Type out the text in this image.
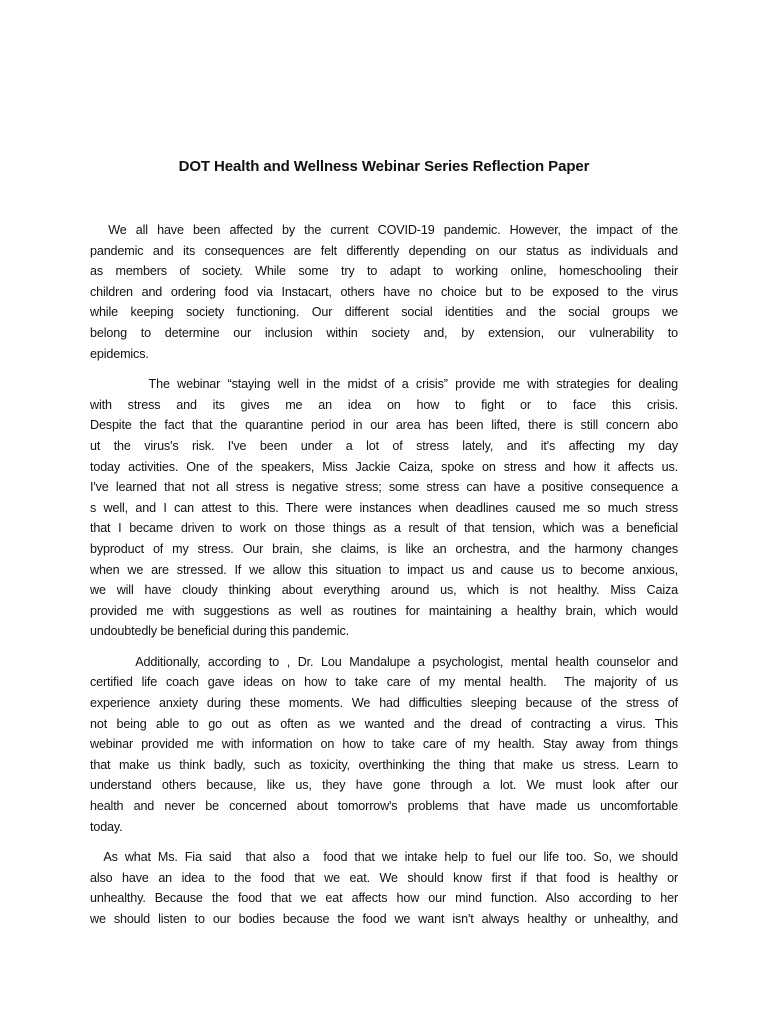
DOT Health and Wellness Webinar Series Reflection Paper
We all have been affected by the current COVID-19 pandemic. However, the impact of the
pandemic and its consequences are felt differently depending on our status as individuals and
as members of society. While some try to adapt to working online, homeschooling their
children and ordering food via Instacart, others have no choice but to be exposed to the virus
while keeping society functioning. Our different social identities and the social groups we
belong to determine our inclusion within society and, by extension, our vulnerability to
epidemics.
The webinar “staying well in the midst of a crisis” provide me with strategies for dealing
with stress and its gives me an idea on how to fight or to face this crisis.
Despite the fact that the quarantine period in our area has been lifted, there is still concern abo
ut the virus's risk. I've been under a lot of stress lately, and it's affecting my day
today activities. One of the speakers, Miss Jackie Caiza, spoke on stress and how it affects us.
I've learned that not all stress is negative stress; some stress can have a positive consequence a
s well, and I can attest to this. There were instances when deadlines caused me so much stress
that I became driven to work on those things as a result of that tension, which was a beneficial
byproduct of my stress. Our brain, she claims, is like an orchestra, and the harmony changes
when we are stressed. If we allow this situation to impact us and cause us to become anxious,
we will have cloudy thinking about everything around us, which is not healthy. Miss Caiza
provided me with suggestions as well as routines for maintaining a healthy brain, which would
undoubtedly be beneficial during this pandemic.
Additionally, according to , Dr. Lou Mandalupe a psychologist, mental health counselor and
certified life coach gave ideas on how to take care of my mental health.  The majority of us
experience anxiety during these moments. We had difficulties sleeping because of the stress of
not being able to go out as often as we wanted and the dread of contracting a virus. This
webinar provided me with information on how to take care of my health. Stay away from things
that make us think badly, such as toxicity, overthinking the thing that make us stress. Learn to
understand others because, like us, they have gone through a lot. We must look after our
health and never be concerned about tomorrow's problems that have made us uncomfortable
today.
As what Ms. Fia said  that also a  food that we intake help to fuel our life too. So, we should
also have an idea to the food that we eat. We should know first if that food is healthy or
unhealthy. Because the food that we eat affects how our mind function. Also according to her
we should listen to our bodies because the food we want isn't always healthy or unhealthy, and
